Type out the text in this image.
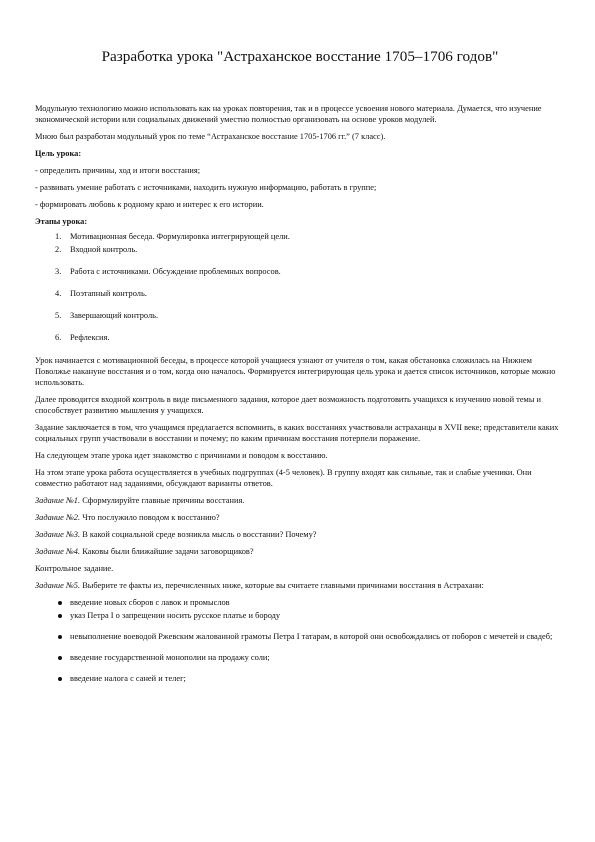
Разработка урока "Астраханское восстание 1705–1706 годов"

Модульную технологию можно использовать как на уроках повторения, так и в процессе усвоения нового материала. Думается, что изучение экономической истории или социальных движений уместно полностью организовать на основе уроков модулей.

Мною был разработан модульный урок по теме “Астраханское восстание 1705-1706 гг.” (7 класс).

Цель урока:

- определить причины, ход и итоги восстания;

- развивать умение работать с источниками, находить нужную информацию, работать в группе;

- формировать любовь к родному краю и интерес к его истории.

Этапы урока:

1. Мотивационная беседа. Формулировка интегрирующей цели.
2. Входной контроль.
3. Работа с источниками. Обсуждение проблемных вопросов.
4. Поэтапный контроль.
5. Завершающий контроль.
6. Рефлексия.

Урок начинается с мотивационной беседы, в процессе которой учащиеся узнают от учителя о том, какая обстановка сложилась на Нижнем Поволжье накануне восстания и о том, когда оно началось. Формируется интегрирующая цель урока и дается список источников, которые можно использовать.

Далее проводится входной контроль в виде письменного задания, которое дает возможность подготовить учащихся к изучению новой темы и способствует развитию мышления у учащихся.

Задание заключается в том, что учащимся предлагается вспомнить, в каких восстаниях участвовали астраханцы в XVII веке; представители каких социальных групп участвовали в восстании и почему; по каким причинам восстания потерпели поражение.

На следующем этапе урока идет знакомство с причинами и поводом к восстанию.

На этом этапе урока работа осуществляется в учебных подгруппах (4-5 человек). В группу входят как сильные, так и слабые ученики. Они совместно работают над заданиями, обсуждают варианты ответов.

Задание №1. Сформулируйте главные причины восстания.

Задание №2. Что послужило поводом к восстанию?

Задание №3. В какой социальной среде возникла мысль о восстании? Почему?

Задание №4. Каковы были ближайшие задачи заговорщиков?

Контрольное задание.

Задание №5. Выберите те факты из, перечисленных ниже, которые вы считаете главными причинами восстания в Астрахани:

введение новых сборов с лавок и промыслов
указ Петра I о запрещении носить русское платье и бороду
невыполнение воеводой Ржевским жалованной грамоты Петра I татарам, в которой они освобождались от поборов с мечетей и свадеб;
введение государственной монополии на продажу соли;
введение налога с саней и телег;
